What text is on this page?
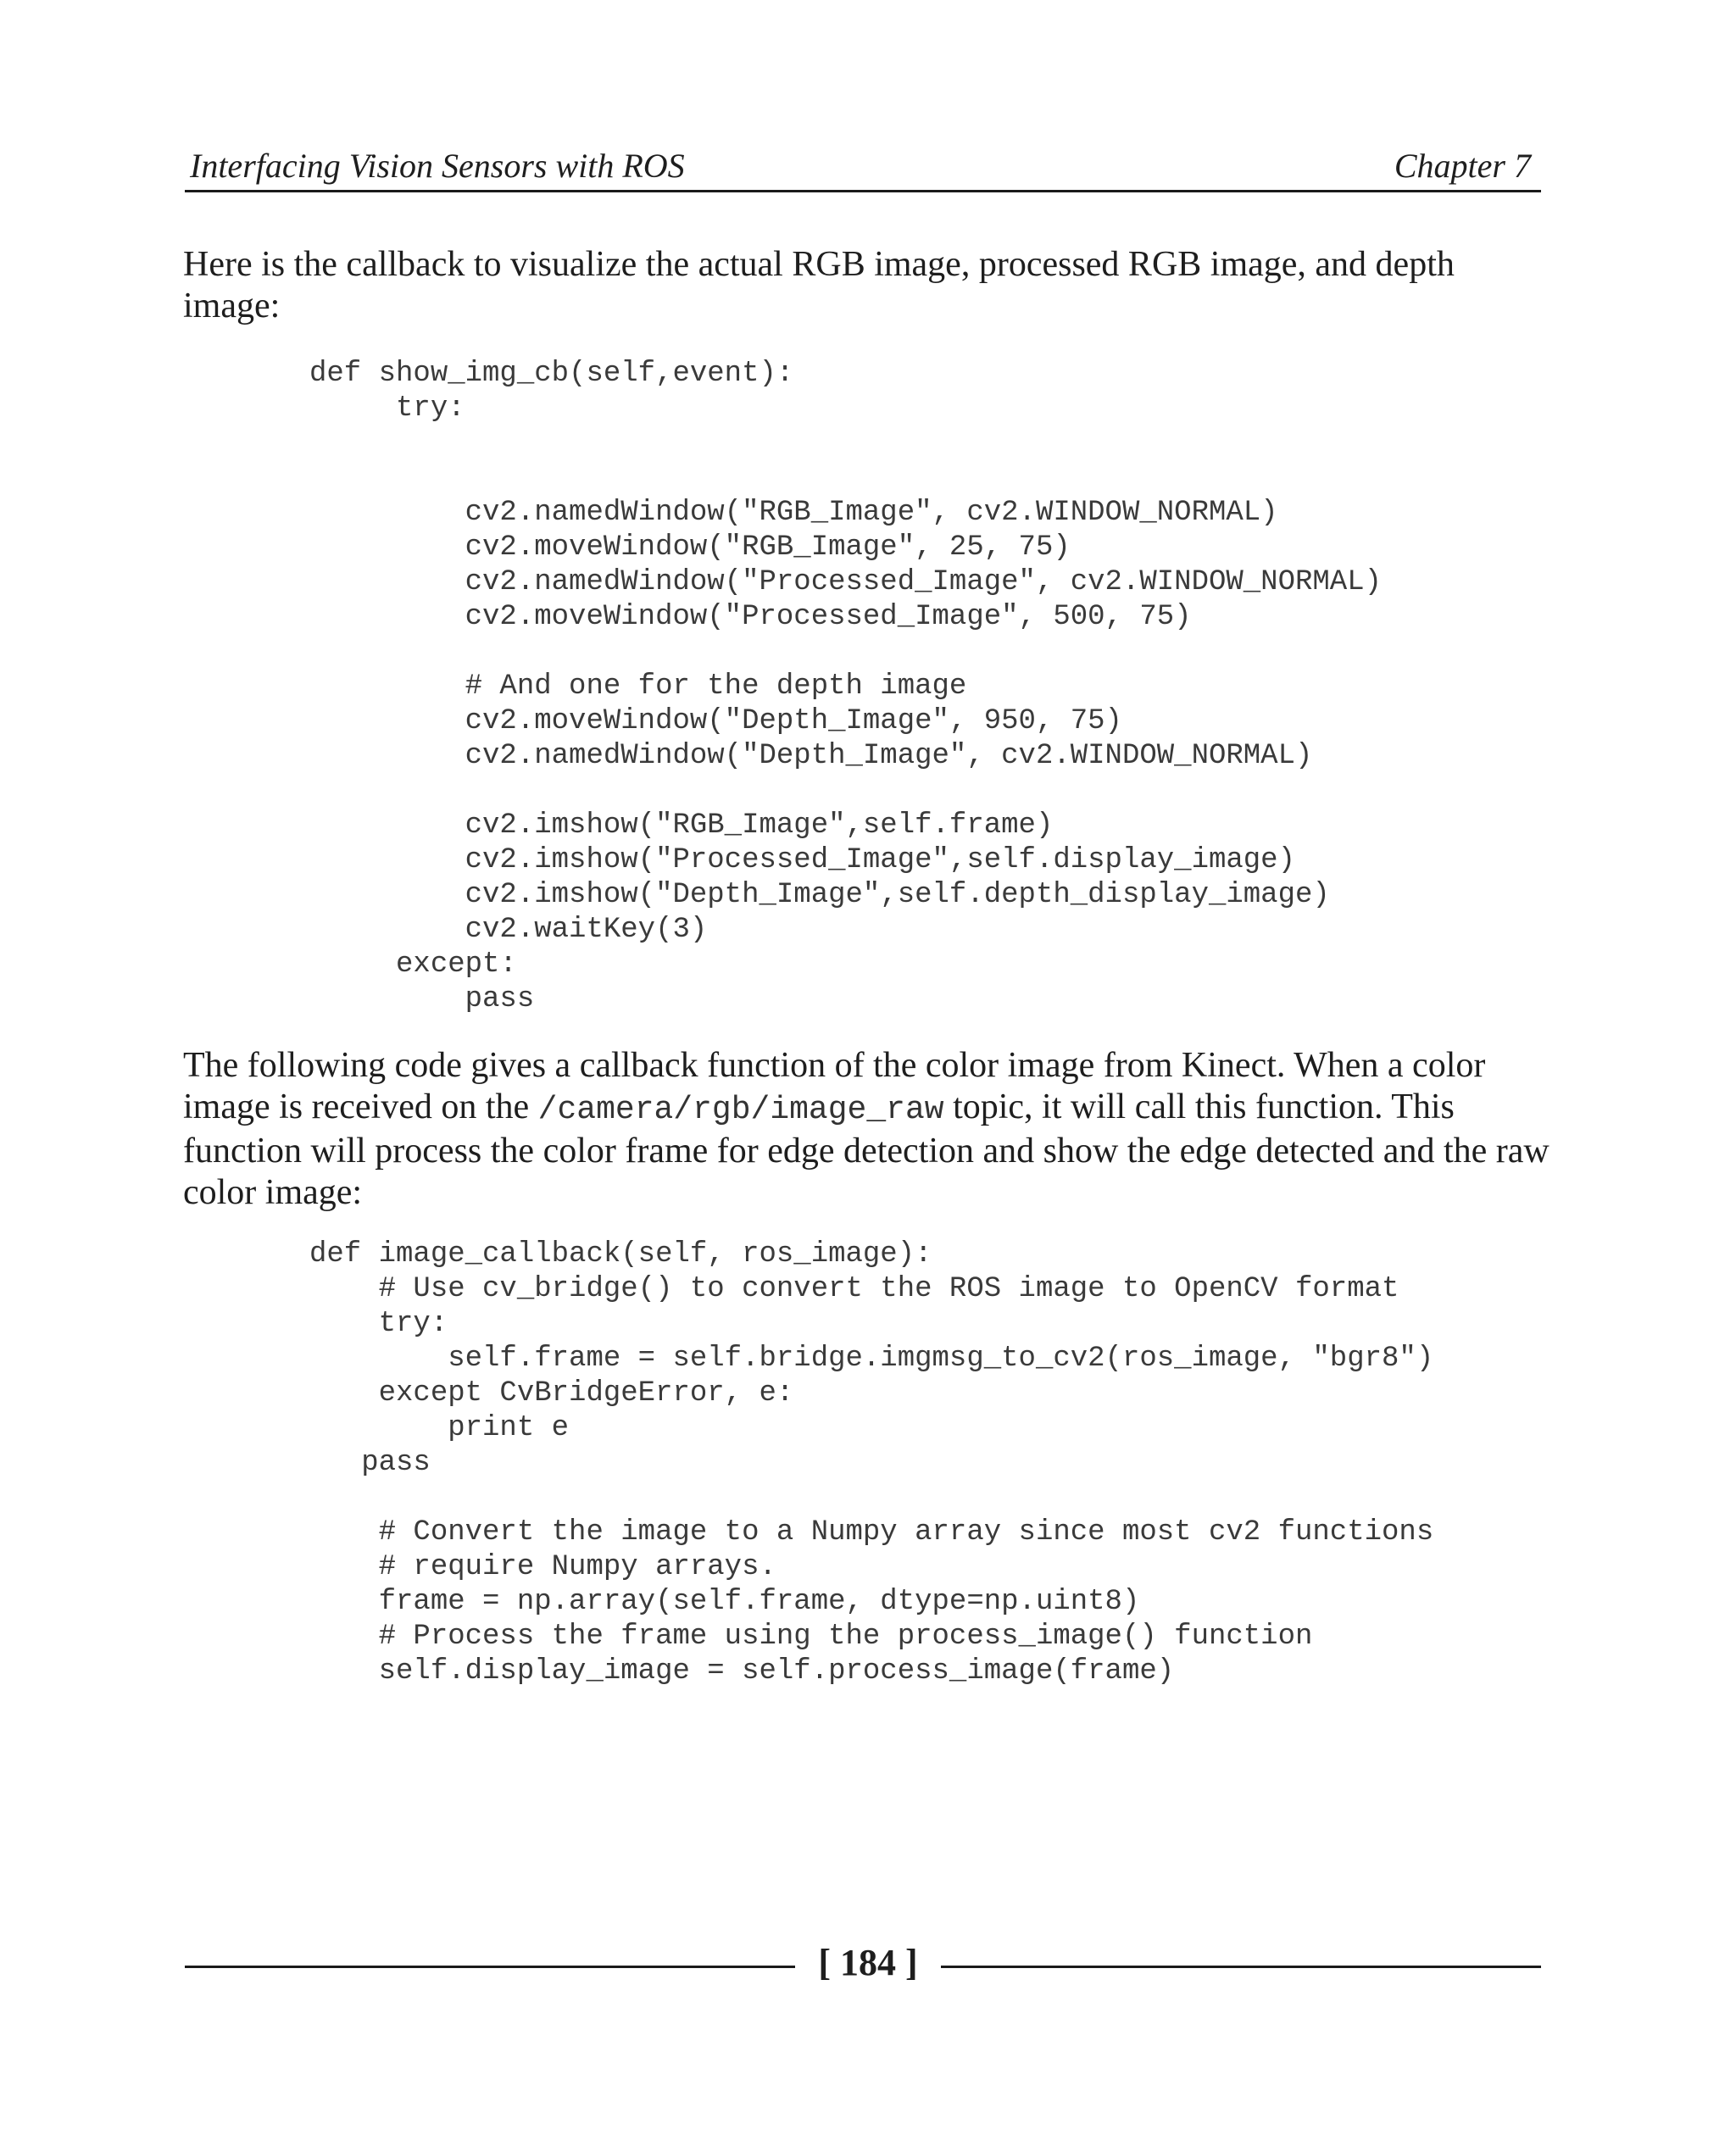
Interfacing Vision Sensors with ROS	Chapter 7

Here is the callback to visualize the actual RGB image, processed RGB image, and depth image:

def show_img_cb(self,event):
try:

cv2.namedWindow("RGB_Image", cv2.WINDOW_NORMAL)
cv2.moveWindow("RGB_Image", 25, 75)
cv2.namedWindow("Processed_Image", cv2.WINDOW_NORMAL)
cv2.moveWindow("Processed_Image", 500, 75)

# And one for the depth image
cv2.moveWindow("Depth_Image", 950, 75)
cv2.namedWindow("Depth_Image", cv2.WINDOW_NORMAL)

cv2.imshow("RGB_Image",self.frame)
cv2.imshow("Processed_Image",self.display_image)
cv2.imshow("Depth_Image",self.depth_display_image)
cv2.waitKey(3)
except:
pass

The following code gives a callback function of the color image from Kinect. When a color image is received on the /camera/rgb/image_raw topic, it will call this function. This function will process the color frame for edge detection and show the edge detected and the raw color image:

def image_callback(self, ros_image):
# Use cv_bridge() to convert the ROS image to OpenCV format
try:
self.frame = self.bridge.imgmsg_to_cv2(ros_image, "bgr8")
except CvBridgeError, e:
print e
pass

# Convert the image to a Numpy array since most cv2 functions
# require Numpy arrays.
frame = np.array(self.frame, dtype=np.uint8)
# Process the frame using the process_image() function
self.display_image = self.process_image(frame)
[ 184 ]
